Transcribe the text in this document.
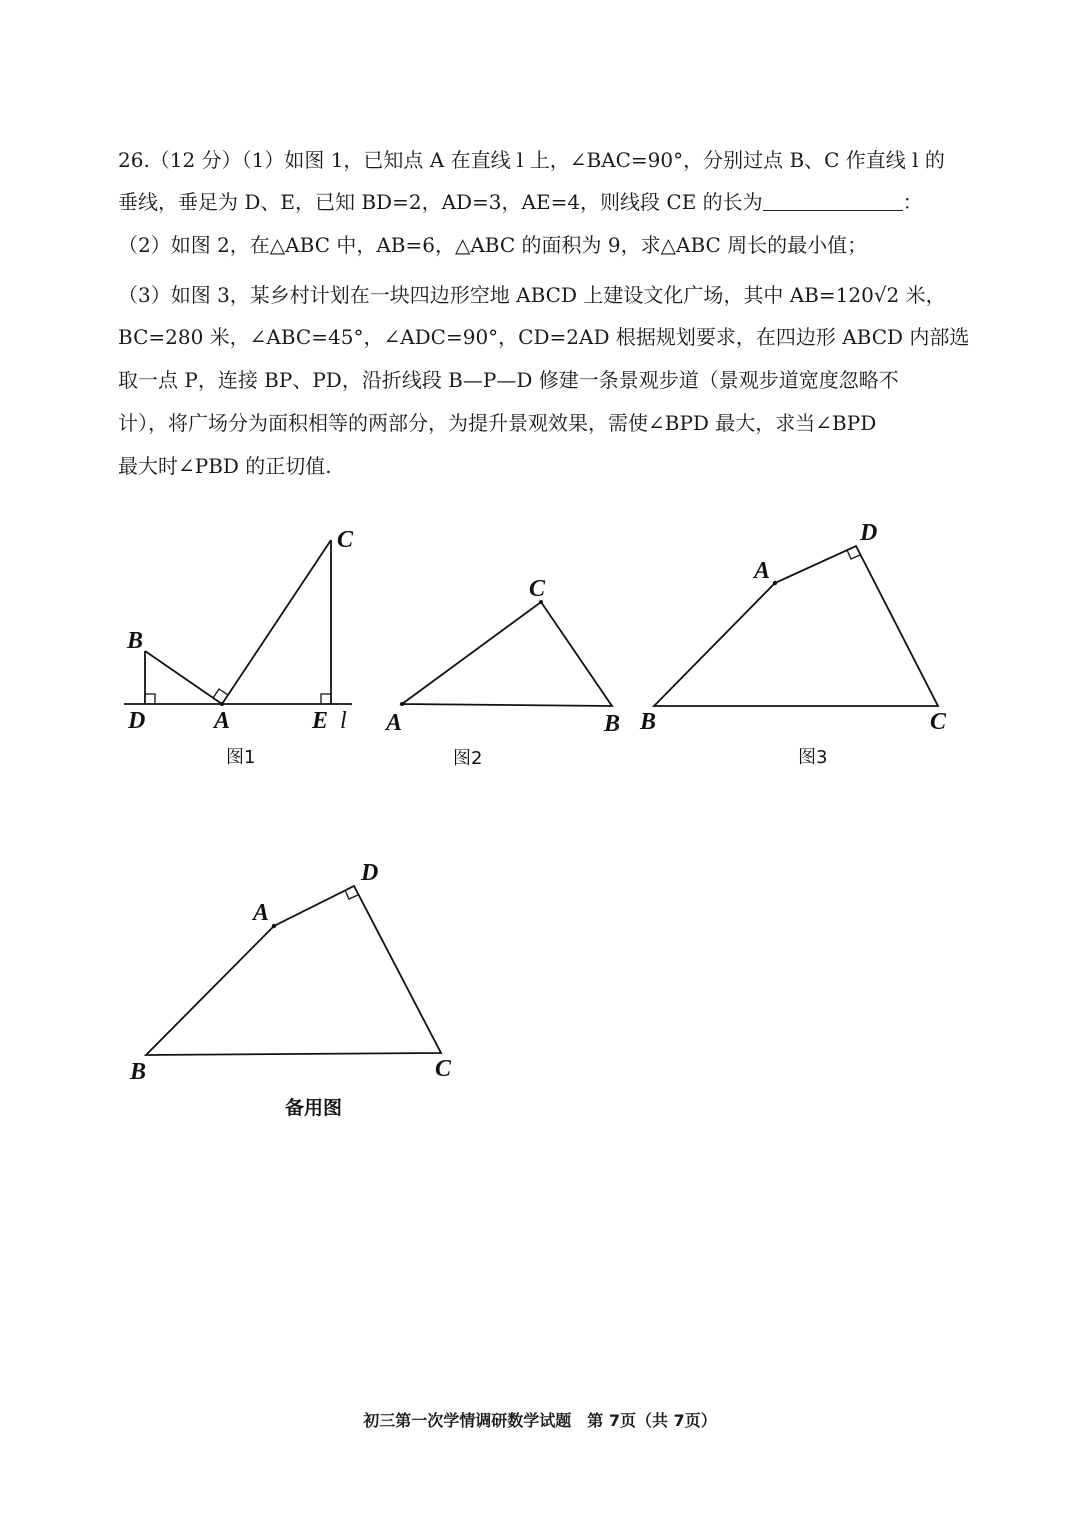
26.（12 分）（1）如图 1，已知点 A 在直线 l 上，∠BAC=90°，分别过点 B、C 作直线 l 的
垂线，垂足为 D、E，已知 BD=2，AD=3，AE=4，则线段 CE 的长为	：
（2）如图 2，在△ABC 中，AB=6，△ABC 的面积为 9，求△ABC 周长的最小值；
（3）如图 3，某乡村计划在一块四边形空地 ABCD 上建设文化广场，其中 AB=120√2 米，
BC=280 米，∠ABC=45°，∠ADC=90°，CD=2AD 根据规划要求，在四边形 ABCD 内部选
取一点 P，连接 BP、PD，沿折线段 B—P—D 修建一条景观步道（景观步道宽度忽略不
计），将广场分为面积相等的两部分，为提升景观效果，需使∠BPD 最大，求当∠BPD
最大时∠PBD 的正切值.
B
C
D	A	E l
图1
C
A	B
图2
A
D
B	C
图3
A
D
B	C
备用图
初三第一次学情调研数学试题　第 7页（共 7页）
